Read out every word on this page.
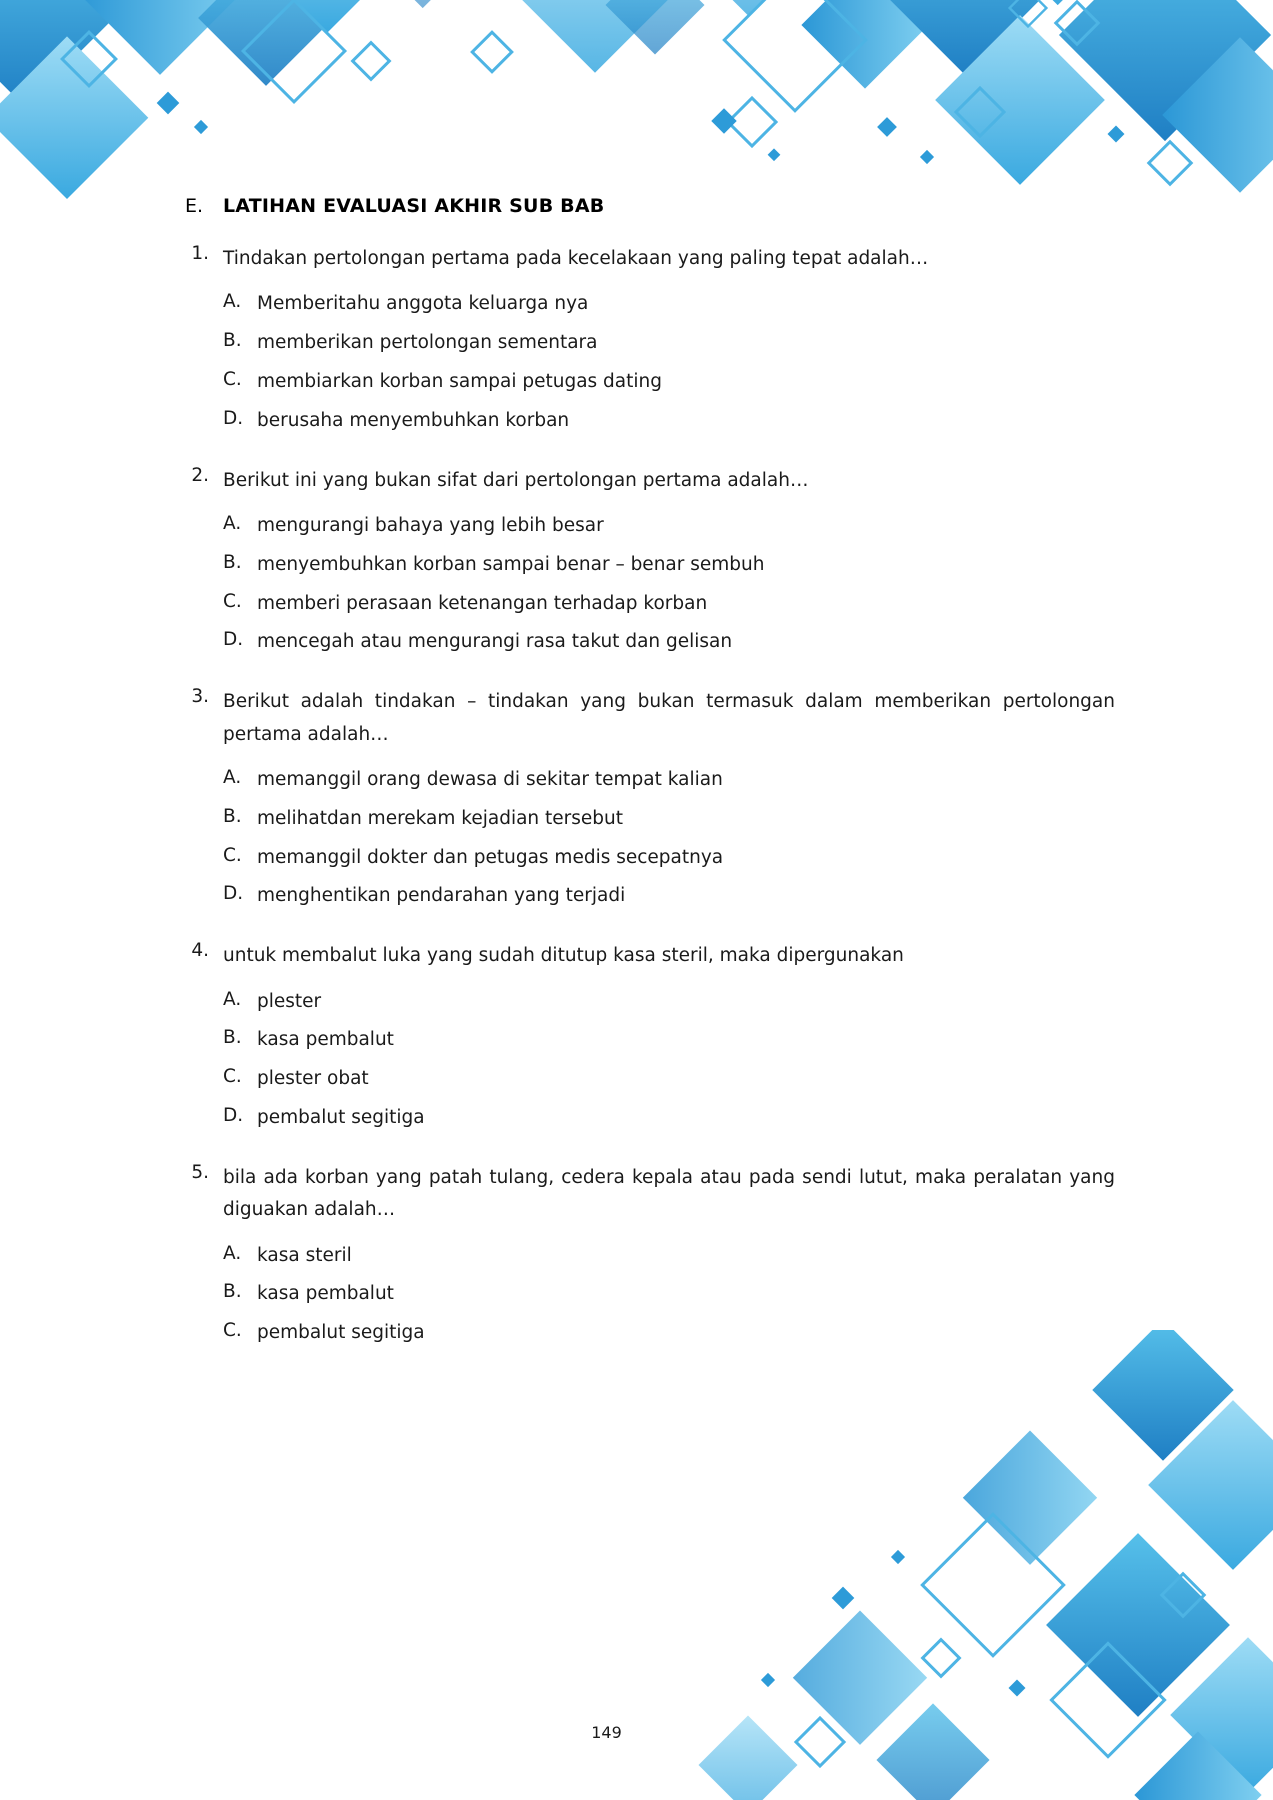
E.	LATIHAN EVALUASI AKHIR SUB BAB
1. Tindakan pertolongan pertama pada kecelakaan yang paling tepat adalah…
A. Memberitahu anggota keluarga nya
B. memberikan pertolongan sementara
C. membiarkan korban sampai petugas dating
D. berusaha menyembuhkan korban
2. Berikut ini yang bukan sifat dari pertolongan pertama adalah…
A. mengurangi bahaya yang lebih besar
B. menyembuhkan korban sampai benar – benar sembuh
C. memberi perasaan ketenangan terhadap korban
D. mencegah atau mengurangi rasa takut dan gelisan
3. Berikut adalah tindakan – tindakan yang bukan termasuk dalam memberikan pertolongan pertama adalah…
A. memanggil orang dewasa di sekitar tempat kalian
B. melihatdan merekam kejadian tersebut
C. memanggil dokter dan petugas medis secepatnya
D. menghentikan pendarahan yang terjadi
4. untuk membalut luka yang sudah ditutup kasa steril, maka dipergunakan
A. plester
B. kasa pembalut
C. plester obat
D. pembalut segitiga
5. bila ada korban yang patah tulang, cedera kepala atau pada sendi lutut, maka peralatan yang diguakan adalah…
A. kasa steril
B. kasa pembalut
C. pembalut segitiga
149
